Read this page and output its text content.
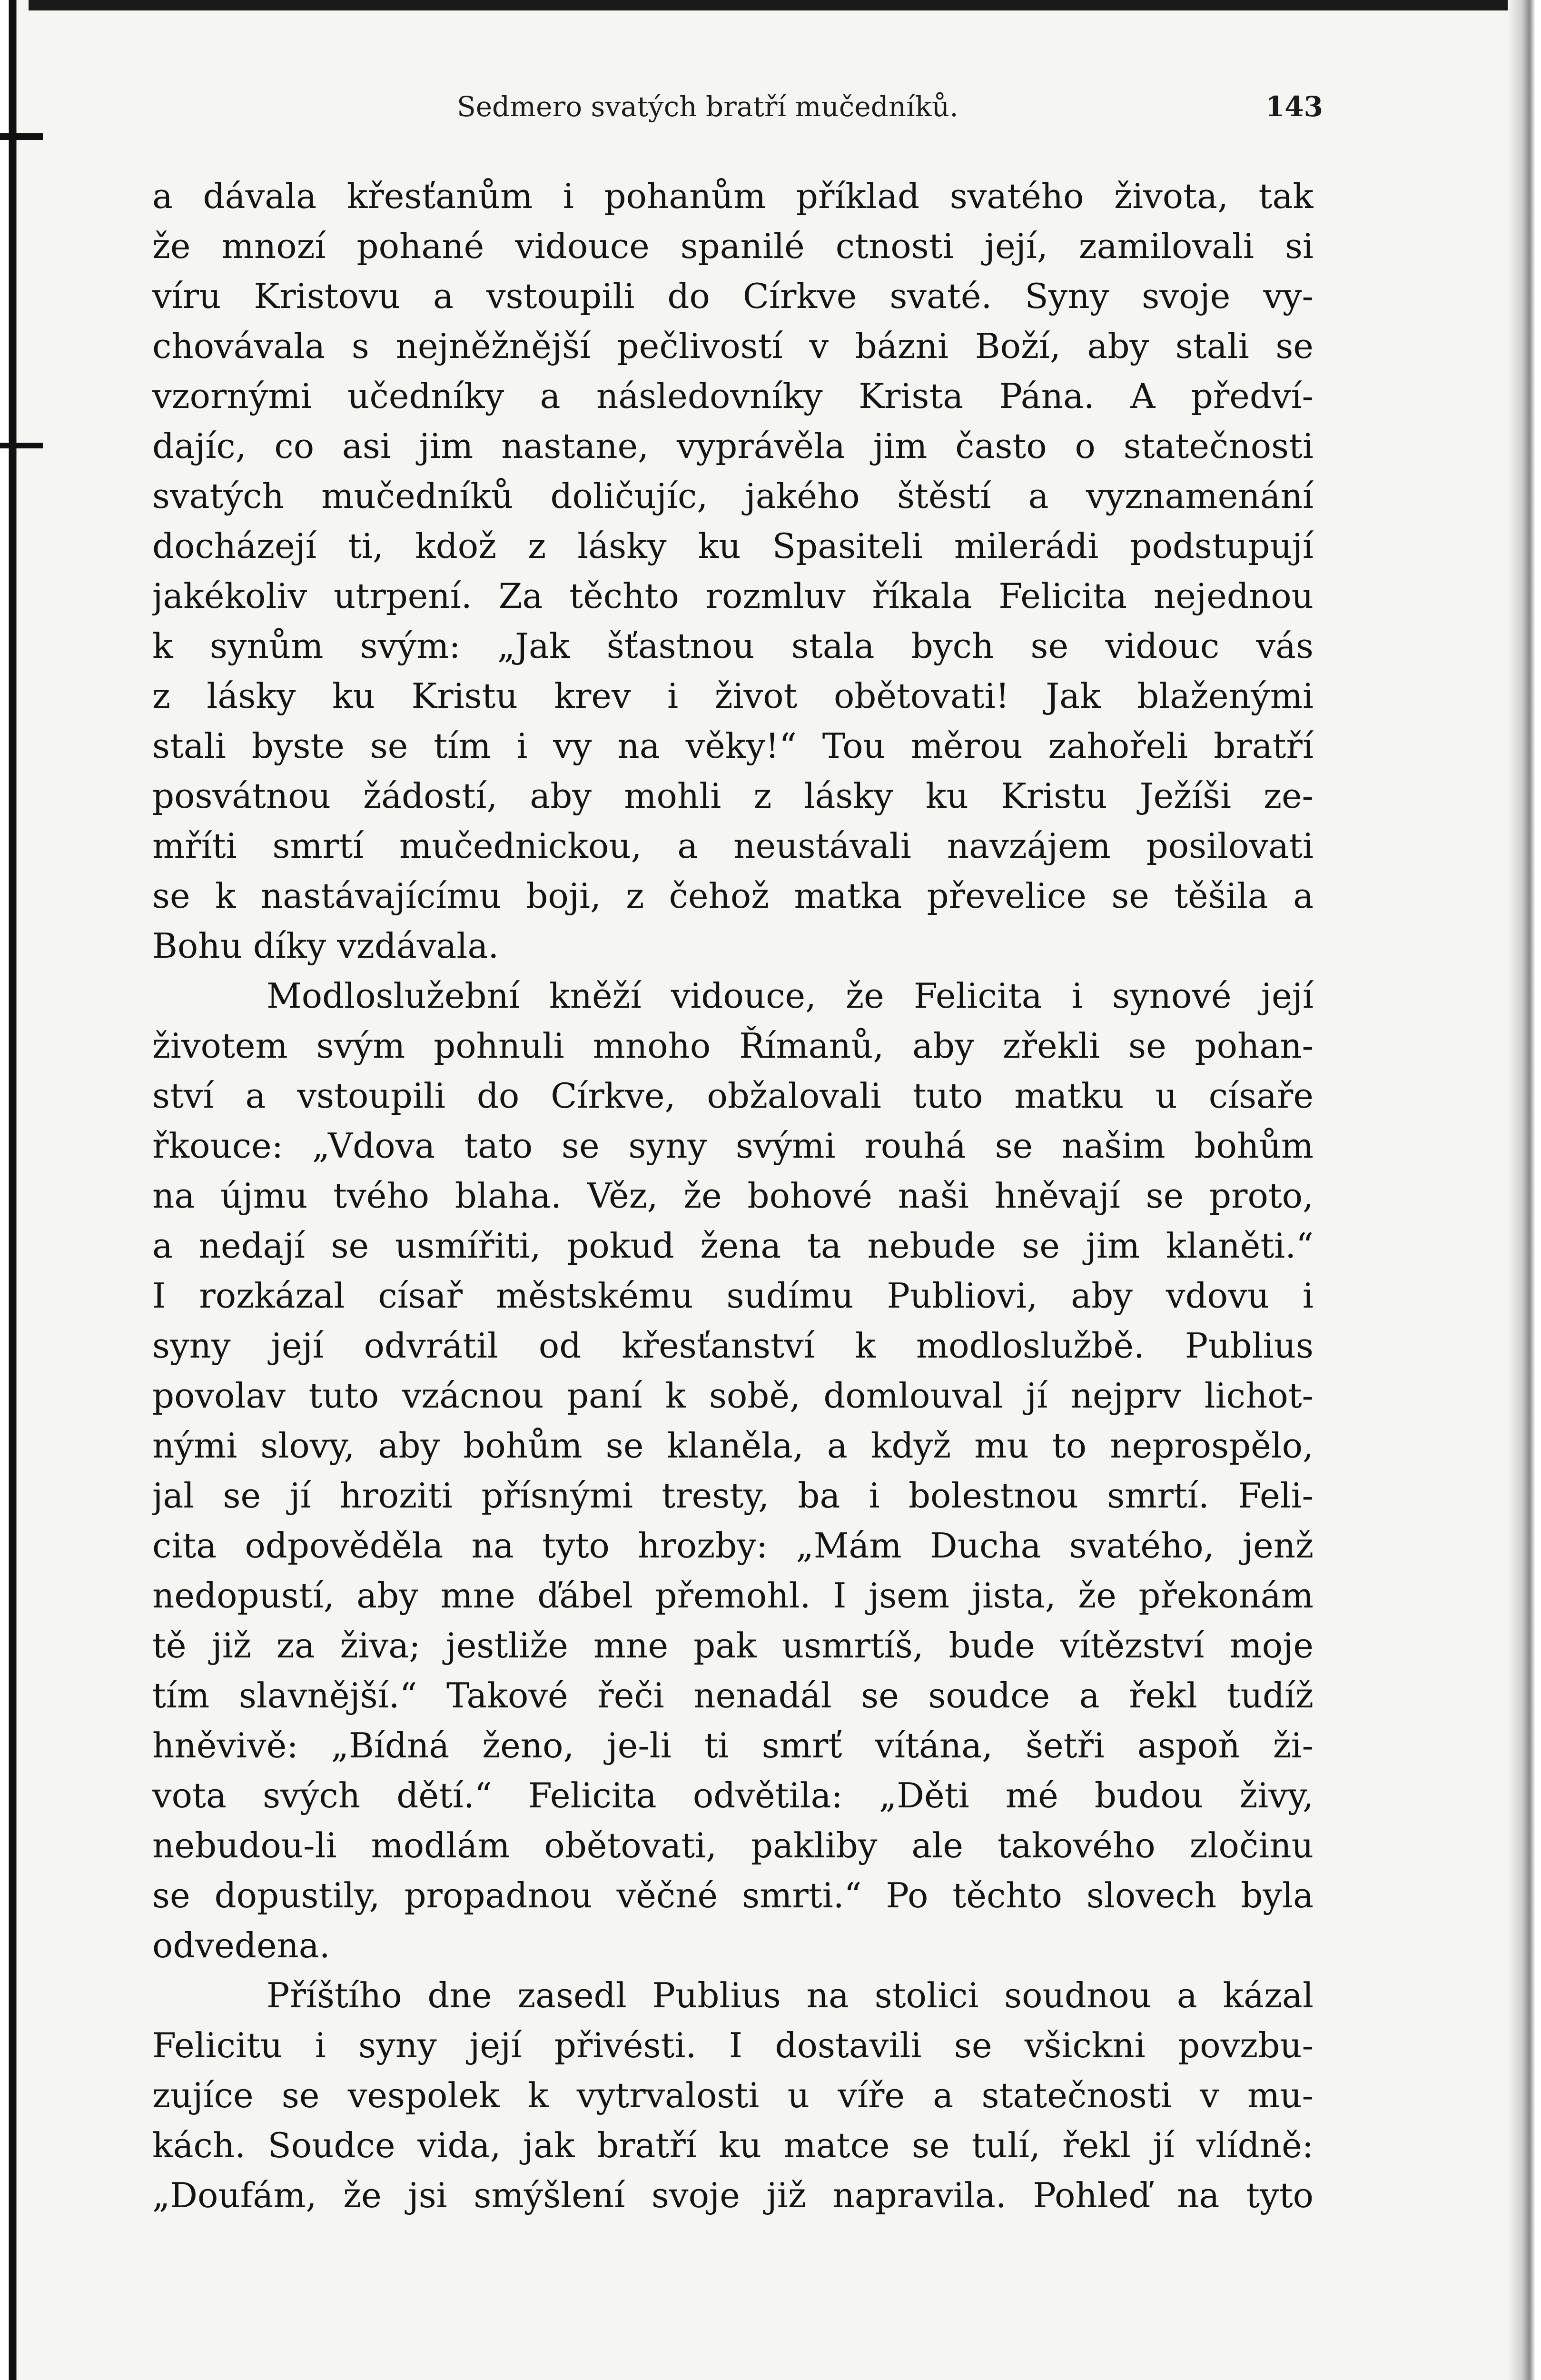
Sedmero svatých bratří mučedníků.	143
a dávala křesťanům i pohanům příklad svatého života, tak
že mnozí pohané vidouce spanilé ctnosti její, zamilovali si
víru Kristovu a vstoupili do Církve svaté. Syny svoje vy-
chovávala s nejněžnější pečlivostí v bázni Boží, aby stali se
vzornými učedníky a následovníky Krista Pána. A předví-
dajíc, co asi jim nastane, vyprávěla jim často o statečnosti
svatých mučedníků doličujíc, jakého štěstí a vyznamenání
docházejí ti, kdož z lásky ku Spasiteli milerádi podstupují
jakékoliv utrpení. Za těchto rozmluv říkala Felicita nejednou
k synům svým: „Jak šťastnou stala bych se vidouc vás
z lásky ku Kristu krev i život obětovati! Jak blaženými
stali byste se tím i vy na věky!“ Tou měrou zahořeli bratří
posvátnou žádostí, aby mohli z lásky ku Kristu Ježíši ze-
mříti smrtí mučednickou, a neustávali navzájem posilovati
se k nastávajícímu boji, z čehož matka převelice se těšila a
Bohu díky vzdávala.
Modloslužební kněží vidouce, že Felicita i synové její
životem svým pohnuli mnoho Římanů, aby zřekli se pohan-
ství a vstoupili do Církve, obžalovali tuto matku u císaře
řkouce: „Vdova tato se syny svými rouhá se našim bohům
na újmu tvého blaha. Věz, že bohové naši hněvají se proto,
a nedají se usmířiti, pokud žena ta nebude se jim klaněti.“
I rozkázal císař městskému sudímu Publiovi, aby vdovu i
syny její odvrátil od křesťanství k modloslužbě. Publius
povolav tuto vzácnou paní k sobě, domlouval jí nejprv lichot-
nými slovy, aby bohům se klaněla, a když mu to neprospělo,
jal se jí hroziti přísnými tresty, ba i bolestnou smrtí. Feli-
cita odpověděla na tyto hrozby: „Mám Ducha svatého, jenž
nedopustí, aby mne ďábel přemohl. I jsem jista, že překonám
tě již za živa; jestliže mne pak usmrtíš, bude vítězství moje
tím slavnější.“ Takové řeči nenadál se soudce a řekl tudíž
hněvivě: „Bídná ženo, je-li ti smrť vítána, šetři aspoň ži-
vota svých dětí.“ Felicita odvětila: „Děti mé budou živy,
nebudou-li modlám obětovati, pakliby ale takového zločinu
se dopustily, propadnou věčné smrti.“ Po těchto slovech byla
odvedena.
Příštího dne zasedl Publius na stolici soudnou a kázal
Felicitu i syny její přivésti. I dostavili se všickni povzbu-
zujíce se vespolek k vytrvalosti u víře a statečnosti v mu-
kách. Soudce vida, jak bratří ku matce se tulí, řekl jí vlídně:
„Doufám, že jsi smýšlení svoje již napravila. Pohleď na tyto
